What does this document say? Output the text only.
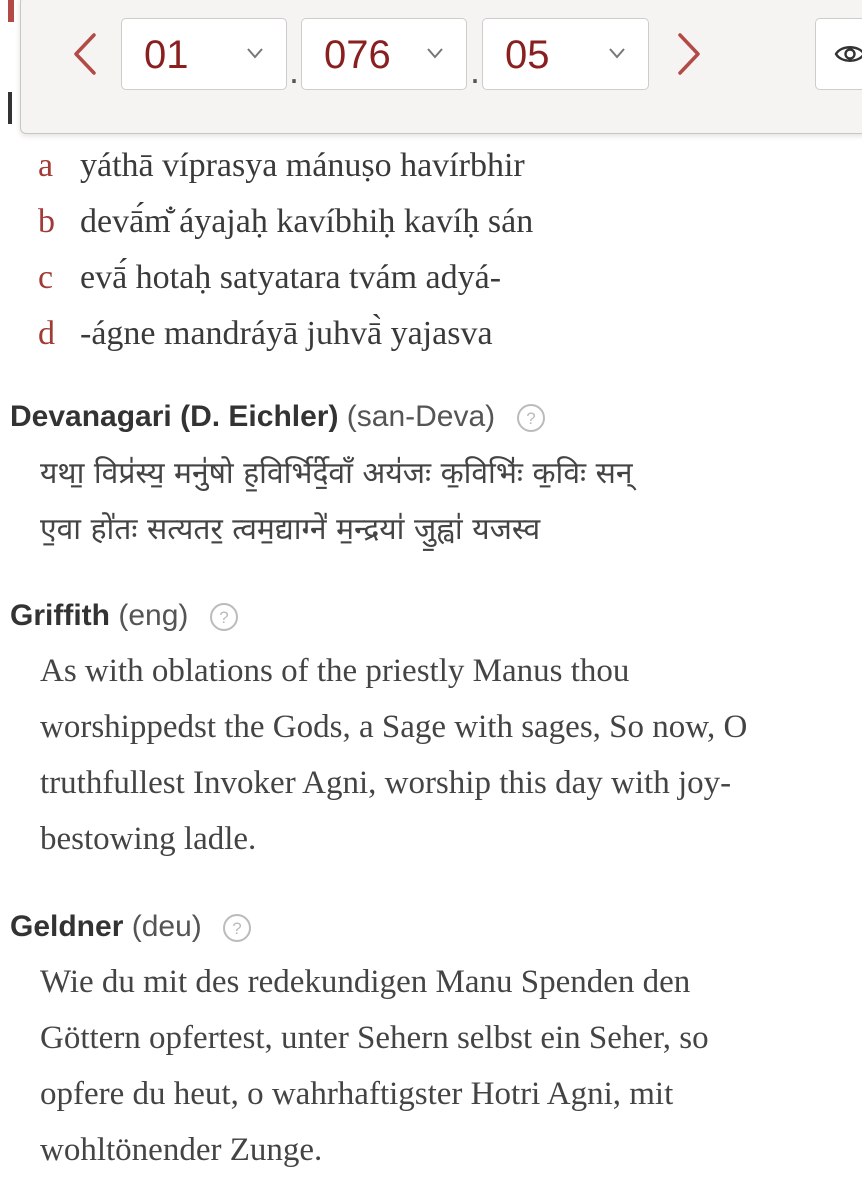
01	. 076 . 05
a yáthā víprasya mánuṣo havírbhir
b devā́m̐ áyajaḥ kavíbhiḥ kavíḥ sán
c evā́ hotaḥ satyatara tvám adyá-
d -ágne mandráyā juhvā̀ yajasva
Devanagari (D. Eichler) (san-Deva) ?
यथा॒ विप्र॑स्य॒ मनु॑षो ह॒विर्भि॑र्दे॒वाँ अय॑जः क॒विभिः॑ क॒विः सन्
ए॒वा हो॑तः सत्यतर॒ त्वम॒द्याग्ने॑ म॒न्द्रया॑ जु॒ह्वा॑ यजस्व
Griffith (eng) ?
As with oblations of the priestly Manus thou
worshippedst the Gods, a Sage with sages, So now, O
truthfullest Invoker Agni, worship this day with joy-
bestowing ladle.
Geldner (deu) ?
Wie du mit des redekundigen Manu Spenden den
Göttern opfertest, unter Sehern selbst ein Seher, so
opfere du heut, o wahrhaftigster Hotri Agni, mit
wohltönender Zunge.
